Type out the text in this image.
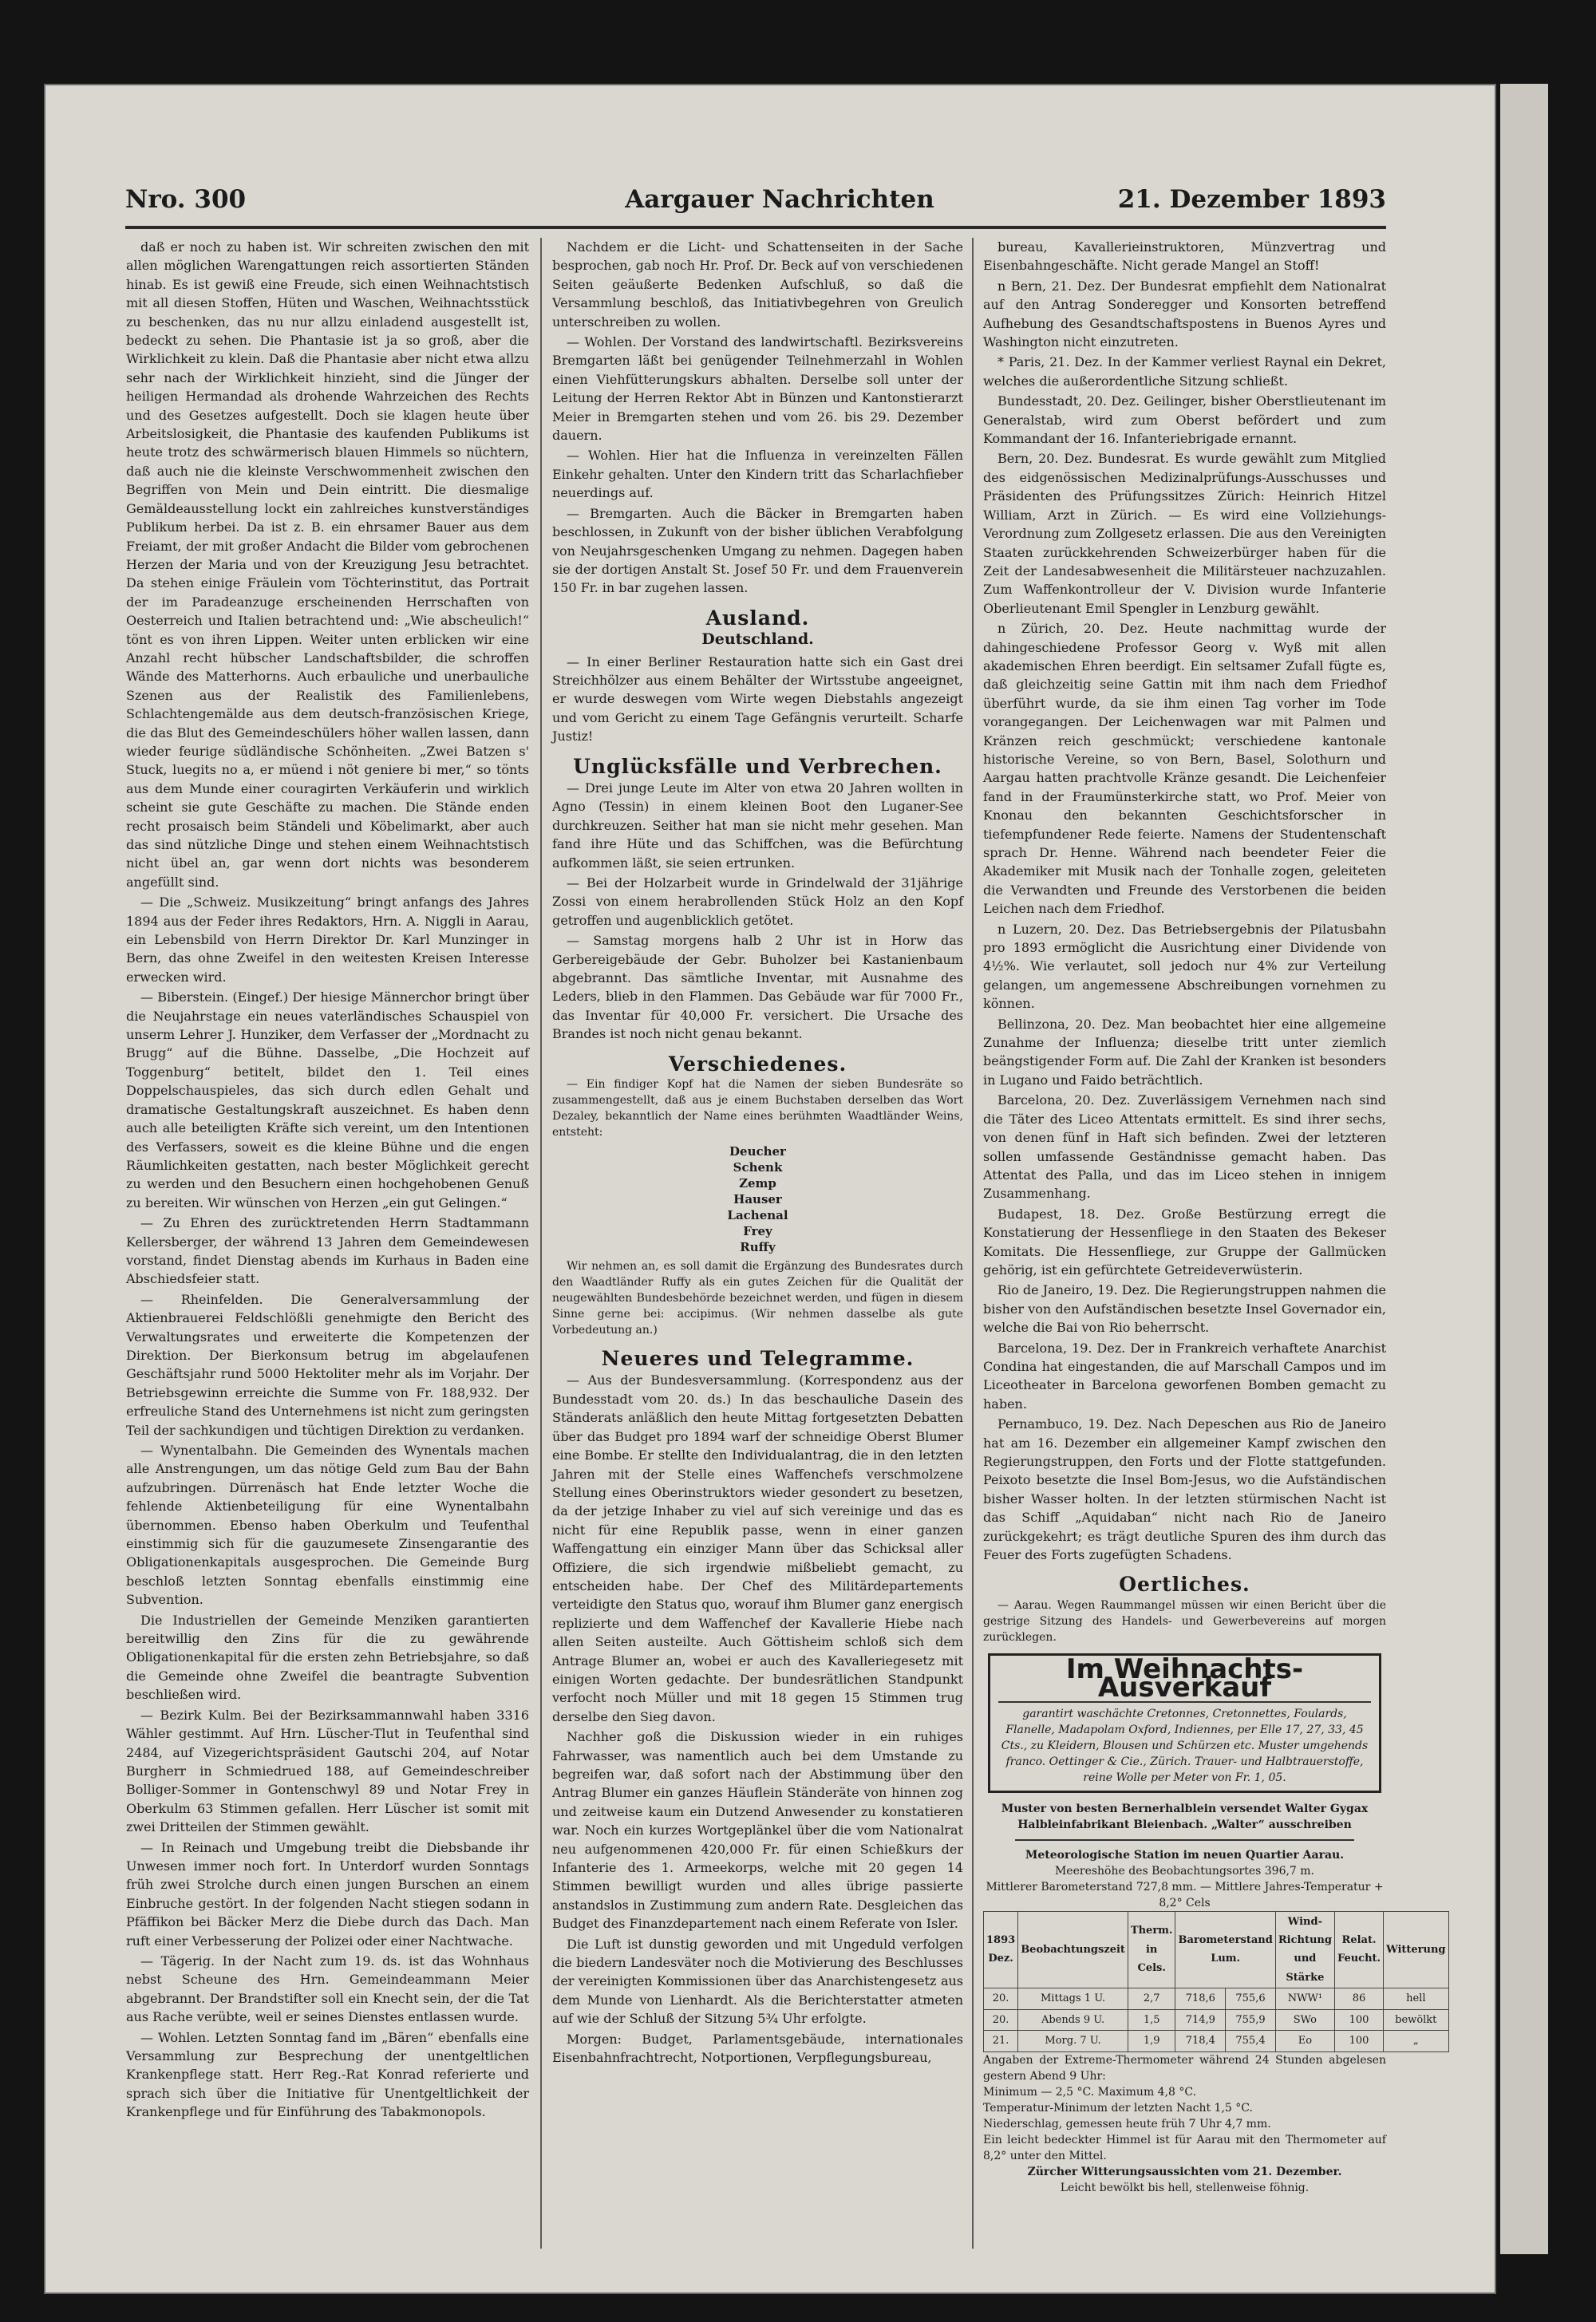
Nro. 300	Aargauer Nachrichten	21. Dezember 1893

daß er noch zu haben ist. Wir schreiten zwischen den mit allen möglichen Warengattungen reich assortierten Ständen hinab. Es ist gewiß eine Freude, sich einen Weihnachtstisch mit all diesen Stoffen, Hüten und Waschen, Weihnachtsstück zu beschenken, das nu nur allzu einladend ausgestellt ist, bedeckt zu sehen. Die Phantasie ist ja so groß, aber die Wirklichkeit zu klein. Daß die Phantasie aber nicht etwa allzu sehr nach der Wirklichkeit hinzieht, sind die Jünger der heiligen Hermandad als drohende Wahrzeichen des Rechts und des Gesetzes aufgestellt. Doch sie klagen heute über Arbeitslosigkeit, die Phantasie des kaufenden Publikums ist heute trotz des schwärmerisch blauen Himmels so nüchtern, daß auch nie die kleinste Verschwommenheit zwischen den Begriffen von Mein und Dein eintritt. Die diesmalige Gemäldeausstellung lockt ein zahlreiches kunstverständiges Publikum herbei. Da ist z. B. ein ehrsamer Bauer aus dem Freiamt, der mit großer Andacht die Bilder vom gebrochenen Herzen der Maria und von der Kreuzigung Jesu betrachtet. Da stehen einige Fräulein vom Töchterinstitut, das Portrait der im Paradeanzuge erscheinenden Herrschaften von Oesterreich und Italien betrachtend und: „Wie abscheulich!“ tönt es von ihren Lippen. Weiter unten erblicken wir eine Anzahl recht hübscher Landschaftsbilder, die schroffen Wände des Matterhorns. Auch erbauliche und unerbauliche Szenen aus der Realistik des Familienlebens, Schlachtengemälde aus dem deutsch-französischen Kriege, die das Blut des Gemeindeschülers höher wallen lassen, dann wieder feurige südländische Schönheiten. „Zwei Batzen s' Stuck, luegits no a, er müend i nöt geniere bi mer,“ so tönts aus dem Munde einer couragirten Verkäuferin und wirklich scheint sie gute Geschäfte zu machen. Die Stände enden recht prosaisch beim Ständeli und Köbelimarkt, aber auch das sind nützliche Dinge und stehen einem Weihnachtstisch nicht übel an, gar wenn dort nichts was besonderem angefüllt sind.

— Die „Schweiz. Musikzeitung“ bringt anfangs des Jahres 1894 aus der Feder ihres Redaktors, Hrn. A. Niggli in Aarau, ein Lebensbild von Herrn Direktor Dr. Karl Munzinger in Bern, das ohne Zweifel in den weitesten Kreisen Interesse erwecken wird.

— Biberstein. (Eingef.) Der hiesige Männerchor bringt über die Neujahrstage ein neues vaterländisches Schauspiel von unserm Lehrer J. Hunziker, dem Verfasser der „Mordnacht zu Brugg“ auf die Bühne. Dasselbe, „Die Hochzeit auf Toggenburg“ betitelt, bildet den 1. Teil eines Doppelschauspieles, das sich durch edlen Gehalt und dramatische Gestaltungskraft auszeichnet. Es haben denn auch alle beteiligten Kräfte sich vereint, um den Intentionen des Verfassers, soweit es die kleine Bühne und die engen Räumlichkeiten gestatten, nach bester Möglichkeit gerecht zu werden und den Besuchern einen hochgehobenen Genuß zu bereiten. Wir wünschen von Herzen „ein gut Gelingen.“

— Zu Ehren des zurücktretenden Herrn Stadtammann Kellersberger, der während 13 Jahren dem Gemeindewesen vorstand, findet Dienstag abends im Kurhaus in Baden eine Abschiedsfeier statt.

— Rheinfelden. Die Generalversammlung der Aktienbrauerei Feldschlößli genehmigte den Bericht des Verwaltungsrates und erweiterte die Kompetenzen der Direktion. Der Bierkonsum betrug im abgelaufenen Geschäftsjahr rund 5000 Hektoliter mehr als im Vorjahr. Der Betriebsgewinn erreichte die Summe von Fr. 188,932. Der erfreuliche Stand des Unternehmens ist nicht zum geringsten Teil der sachkundigen und tüchtigen Direktion zu verdanken.

— Wynentalbahn. Die Gemeinden des Wynentals machen alle Anstrengungen, um das nötige Geld zum Bau der Bahn aufzubringen. Dürrenäsch hat Ende letzter Woche die fehlende Aktienbeteiligung für eine Wynentalbahn übernommen. Ebenso haben Oberkulm und Teufenthal einstimmig sich für die gauzumesete Zinsengarantie des Obligationenkapitals ausgesprochen. Die Gemeinde Burg beschloß letzten Sonntag ebenfalls einstimmig eine Subvention.

Die Industriellen der Gemeinde Menziken garantierten bereitwillig den Zins für die zu gewährende Obligationenkapital für die ersten zehn Betriebsjahre, so daß die Gemeinde ohne Zweifel die beantragte Subvention beschließen wird.

— Bezirk Kulm. Bei der Bezirksammannwahl haben 3316 Wähler gestimmt. Auf Hrn. Lüscher-Tlut in Teufenthal sind 2484, auf Vizegerichtspräsident Gautschi 204, auf Notar Burgherr in Schmiedrued 188, auf Gemeindeschreiber Bolliger-Sommer in Gontenschwyl 89 und Notar Frey in Oberkulm 63 Stimmen gefallen. Herr Lüscher ist somit mit zwei Dritteilen der Stimmen gewählt.

— In Reinach und Umgebung treibt die Diebsbande ihr Unwesen immer noch fort. In Unterdorf wurden Sonntags früh zwei Strolche durch einen jungen Burschen an einem Einbruche gestört. In der folgenden Nacht stiegen sodann in Pfäffikon bei Bäcker Merz die Diebe durch das Dach. Man ruft einer Verbesserung der Polizei oder einer Nachtwache.

— Tägerig. In der Nacht zum 19. ds. ist das Wohnhaus nebst Scheune des Hrn. Gemeindeammann Meier abgebrannt. Der Brandstifter soll ein Knecht sein, der die Tat aus Rache verübte, weil er seines Dienstes entlassen wurde.

— Wohlen. Letzten Sonntag fand im „Bären“ ebenfalls eine Versammlung zur Besprechung der unentgeltlichen Krankenpflege statt. Herr Reg.-Rat Konrad referierte und sprach sich über die Initiative für Unentgeltlichkeit der Krankenpflege und für Einführung des Tabakmonopols.

Nachdem er die Licht- und Schattenseiten in der Sache besprochen, gab noch Hr. Prof. Dr. Beck auf von verschiedenen Seiten geäußerte Bedenken Aufschluß, so daß die Versammlung beschloß, das Initiativbegehren von Greulich unterschreiben zu wollen.

— Wohlen. Der Vorstand des landwirtschaftl. Bezirksvereins Bremgarten läßt bei genügender Teilnehmerzahl in Wohlen einen Viehfütterungskurs abhalten. Derselbe soll unter der Leitung der Herren Rektor Abt in Bünzen und Kantonstierarzt Meier in Bremgarten stehen und vom 26. bis 29. Dezember dauern.

— Wohlen. Hier hat die Influenza in vereinzelten Fällen Einkehr gehalten. Unter den Kindern tritt das Scharlachfieber neuerdings auf.

— Bremgarten. Auch die Bäcker in Bremgarten haben beschlossen, in Zukunft von der bisher üblichen Verabfolgung von Neujahrsgeschenken Umgang zu nehmen. Dagegen haben sie der dortigen Anstalt St. Josef 50 Fr. und dem Frauenverein 150 Fr. in bar zugehen lassen.

Ausland.
Deutschland.

— In einer Berliner Restauration hatte sich ein Gast drei Streichhölzer aus einem Behälter der Wirtsstube angeeignet, er wurde deswegen vom Wirte wegen Diebstahls angezeigt und vom Gericht zu einem Tage Gefängnis verurteilt. Scharfe Justiz!

Unglücksfälle und Verbrechen.

— Drei junge Leute im Alter von etwa 20 Jahren wollten in Agno (Tessin) in einem kleinen Boot den Luganer-See durchkreuzen. Seither hat man sie nicht mehr gesehen. Man fand ihre Hüte und das Schiffchen, was die Befürchtung aufkommen läßt, sie seien ertrunken.

— Bei der Holzarbeit wurde in Grindelwald der 31jährige Zossi von einem herabrollenden Stück Holz an den Kopf getroffen und augenblicklich getötet.

— Samstag morgens halb 2 Uhr ist in Horw das Gerbereigebäude der Gebr. Buholzer bei Kastanienbaum abgebrannt. Das sämtliche Inventar, mit Ausnahme des Leders, blieb in den Flammen. Das Gebäude war für 7000 Fr., das Inventar für 40,000 Fr. versichert. Die Ursache des Brandes ist noch nicht genau bekannt.

Verschiedenes.

— Ein findiger Kopf hat die Namen der sieben Bundesräte so zusammengestellt, daß aus je einem Buchstaben derselben das Wort Dezaley, bekanntlich der Name eines berühmten Waadtländer Weins, entsteht:

Deucher
Schenk
Zemp
Hauser
Lachenal
Frey
Ruffy

Wir nehmen an, es soll damit die Ergänzung des Bundesrates durch den Waadtländer Ruffy als ein gutes Zeichen für die Qualität der neugewählten Bundesbehörde bezeichnet werden, und fügen in diesem Sinne gerne bei: accipimus. (Wir nehmen dasselbe als gute Vorbedeutung an.)

Neueres und Telegramme.

— Aus der Bundesversammlung. (Korrespondenz aus der Bundesstadt vom 20. ds.) In das beschauliche Dasein des Ständerats anläßlich den heute Mittag fortgesetzten Debatten über das Budget pro 1894 warf der schneidige Oberst Blumer eine Bombe. Er stellte den Individualantrag, die in den letzten Jahren mit der Stelle eines Waffenchefs verschmolzene Stellung eines Oberinstruktors wieder gesondert zu besetzen, da der jetzige Inhaber zu viel auf sich vereinige und das es nicht für eine Republik passe, wenn in einer ganzen Waffengattung ein einziger Mann über das Schicksal aller Offiziere, die sich irgendwie mißbeliebt gemacht, zu entscheiden habe. Der Chef des Militärdepartements verteidigte den Status quo, worauf ihm Blumer ganz energisch replizierte und dem Waffenchef der Kavallerie Hiebe nach allen Seiten austeilte. Auch Göttisheim schloß sich dem Antrage Blumer an, wobei er auch des Kavalleriegesetz mit einigen Worten gedachte. Der bundesrätlichen Standpunkt verfocht noch Müller und mit 18 gegen 15 Stimmen trug derselbe den Sieg davon.

Nachher goß die Diskussion wieder in ein ruhiges Fahrwasser, was namentlich auch bei dem Umstande zu begreifen war, daß sofort nach der Abstimmung über den Antrag Blumer ein ganzes Häuflein Ständeräte von hinnen zog und zeitweise kaum ein Dutzend Anwesender zu konstatieren war. Noch ein kurzes Wortgeplänkel über die vom Nationalrat neu aufgenommenen 420,000 Fr. für einen Schießkurs der Infanterie des 1. Armeekorps, welche mit 20 gegen 14 Stimmen bewilligt wurden und alles übrige passierte anstandslos in Zustimmung zum andern Rate. Desgleichen das Budget des Finanzdepartement nach einem Referate von Isler.

Die Luft ist dunstig geworden und mit Ungeduld verfolgen die biedern Landesväter noch die Motivierung des Beschlusses der vereinigten Kommissionen über das Anarchistengesetz aus dem Munde von Lienhardt. Als die Berichterstatter atmeten auf wie der Schluß der Sitzung 5¾ Uhr erfolgte.

Morgen: Budget, Parlamentsgebäude, internationales Eisenbahnfrachtrecht, Notportionen, Verpflegungsbureau,

bureau, Kavallerieinstruktoren, Münzvertrag und Eisenbahngeschäfte. Nicht gerade Mangel an Stoff!

n Bern, 21. Dez. Der Bundesrat empfiehlt dem Nationalrat auf den Antrag Sonderegger und Konsorten betreffend Aufhebung des Gesandtschaftspostens in Buenos Ayres und Washington nicht einzutreten.

* Paris, 21. Dez. In der Kammer verliest Raynal ein Dekret, welches die außerordentliche Sitzung schließt.

Bundesstadt, 20. Dez. Geilinger, bisher Oberstlieutenant im Generalstab, wird zum Oberst befördert und zum Kommandant der 16. Infanteriebrigade ernannt.

Bern, 20. Dez. Bundesrat. Es wurde gewählt zum Mitglied des eidgenössischen Medizinalprüfungs-Ausschusses und Präsidenten des Prüfungssitzes Zürich: Heinrich Hitzel William, Arzt in Zürich. — Es wird eine Vollziehungs-Verordnung zum Zollgesetz erlassen. Die aus den Vereinigten Staaten zurückkehrenden Schweizerbürger haben für die Zeit der Landesabwesenheit die Militärsteuer nachzuzahlen. Zum Waffenkontrolleur der V. Division wurde Infanterie Oberlieutenant Emil Spengler in Lenzburg gewählt.

n Zürich, 20. Dez. Heute nachmittag wurde der dahingeschiedene Professor Georg v. Wyß mit allen akademischen Ehren beerdigt. Ein seltsamer Zufall fügte es, daß gleichzeitig seine Gattin mit ihm nach dem Friedhof überführt wurde, da sie ihm einen Tag vorher im Tode vorangegangen. Der Leichenwagen war mit Palmen und Kränzen reich geschmückt; verschiedene kantonale historische Vereine, so von Bern, Basel, Solothurn und Aargau hatten prachtvolle Kränze gesandt. Die Leichenfeier fand in der Fraumünsterkirche statt, wo Prof. Meier von Knonau den bekannten Geschichtsforscher in tiefempfundener Rede feierte. Namens der Studentenschaft sprach Dr. Henne. Während nach beendeter Feier die Akademiker mit Musik nach der Tonhalle zogen, geleiteten die Verwandten und Freunde des Verstorbenen die beiden Leichen nach dem Friedhof.

n Luzern, 20. Dez. Das Betriebsergebnis der Pilatusbahn pro 1893 ermöglicht die Ausrichtung einer Dividende von 4½%. Wie verlautet, soll jedoch nur 4% zur Verteilung gelangen, um angemessene Abschreibungen vornehmen zu können.

Bellinzona, 20. Dez. Man beobachtet hier eine allgemeine Zunahme der Influenza; dieselbe tritt unter ziemlich beängstigender Form auf. Die Zahl der Kranken ist besonders in Lugano und Faido beträchtlich.

Barcelona, 20. Dez. Zuverlässigem Vernehmen nach sind die Täter des Liceo Attentats ermittelt. Es sind ihrer sechs, von denen fünf in Haft sich befinden. Zwei der letzteren sollen umfassende Geständnisse gemacht haben. Das Attentat des Palla, und das im Liceo stehen in innigem Zusammenhang.

Budapest, 18. Dez. Große Bestürzung erregt die Konstatierung der Hessenfliege in den Staaten des Bekeser Komitats. Die Hessenfliege, zur Gruppe der Gallmücken gehörig, ist ein gefürchtete Getreideverwüsterin.

Rio de Janeiro, 19. Dez. Die Regierungstruppen nahmen die bisher von den Aufständischen besetzte Insel Governador ein, welche die Bai von Rio beherrscht.

Barcelona, 19. Dez. Der in Frankreich verhaftete Anarchist Condina hat eingestanden, die auf Marschall Campos und im Liceotheater in Barcelona geworfenen Bomben gemacht zu haben.

Pernambuco, 19. Dez. Nach Depeschen aus Rio de Janeiro hat am 16. Dezember ein allgemeiner Kampf zwischen den Regierungstruppen, den Forts und der Flotte stattgefunden. Peixoto besetzte die Insel Bom-Jesus, wo die Aufständischen bisher Wasser holten. In der letzten stürmischen Nacht ist das Schiff „Aquidaban“ nicht nach Rio de Janeiro zurückgekehrt; es trägt deutliche Spuren des ihm durch das Feuer des Forts zugefügten Schadens.

Oertliches.

— Aarau. Wegen Raummangel müssen wir einen Bericht über die gestrige Sitzung des Handels- und Gewerbevereins auf morgen zurücklegen.

Im Weihnachts-Ausverkauf
garantirt waschächte Cretonnes, Cretonnettes, Foulards, Flanelle, Madapolam Oxford, Indiennes, per Elle 17, 27, 33, 45 Cts., zu Kleidern, Blousen und Schürzen etc. Muster umgehends franco. Oettinger & Cie., Zürich. Trauer- und Halbtrauerstoffe, reine Wolle per Meter von Fr. 1, 05.
Muster von besten Bernerhalblein versendet Walter Gygax Halbleinfabrikant Bleienbach. „Walter“ ausschreiben
Meteorologische Station im neuen Quartier Aarau.
Meereshöhe des Beobachtungsortes 396,7 m.
Mittlerer Barometerstand 727,8 mm. — Mittlere Jahres-Temperatur + 8,2° Cels
1893 Dez.	Beobachtungszeit	Therm. in Cels.	Barometerstand Lum.		Wind-Richtung und Stärke	Relat. Feucht.	Witterung
20.	Mittags 1 U.	2,7	718,6	755,6	NWW¹	86	hell
20.	Abends 9 U.	1,5	714,9	755,9	SWo	100	bewölkt
21.	Morg. 7 U.	1,9	718,4	755,4	Eo	100	„
Angaben der Extreme-Thermometer während 24 Stunden abgelesen gestern Abend 9 Uhr:
Minimum — 2,5 °C. Maximum 4,8 °C.
Temperatur-Minimum der letzten Nacht 1,5 °C.
Niederschlag, gemessen heute früh 7 Uhr 4,7 mm.
Ein leicht bedeckter Himmel ist für Aarau mit den Thermometer auf 8,2° unter den Mittel.
Zürcher Witterungsaussichten vom 21. Dezember.
Leicht bewölkt bis hell, stellenweise föhnig.
